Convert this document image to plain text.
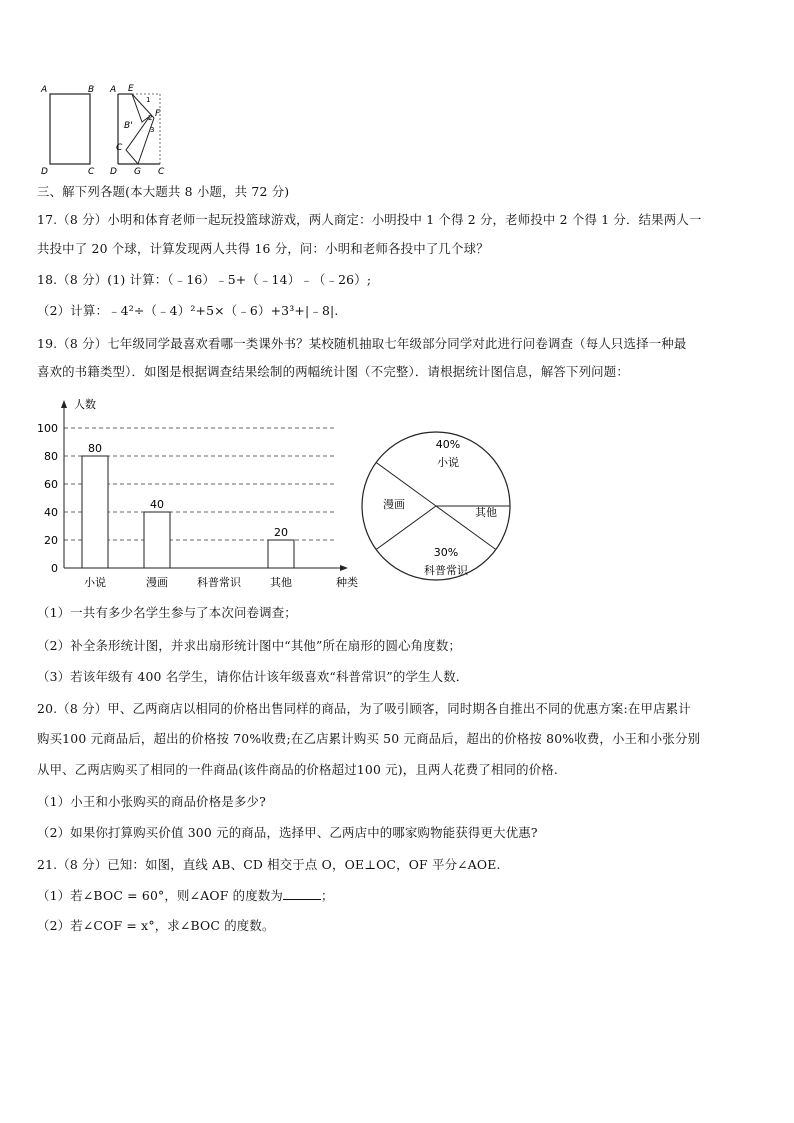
A	B
D	C
A E
B'
F
C
D G C
1
2
3
三、解下列各题(本大题共 8 小题，共 72 分)
17.（8 分）小明和体育老师一起玩投篮球游戏，两人商定：小明投中 1 个得 2 分，老师投中 2 个得 1 分．结果两人一
共投中了 20 个球，计算发现两人共得 16 分，问：小明和老师各投中了几个球？
18.（8 分）(1) 计算：（﹣16）﹣5+（﹣14）﹣（﹣26）;
（2）计算：﹣4²÷（﹣4）²+5×（﹣6）+3³+|﹣8|.
19.（8 分）七年级同学最喜欢看哪一类课外书？某校随机抽取七年级部分同学对此进行问卷调查（每人只选择一种最
喜欢的书籍类型）．如图是根据调查结果绘制的两幅统计图（不完整）．请根据统计图信息，解答下列问题：
0
20
40
60
80
100
人数
种类
80
小说
40
漫画	科普常识
20
其他
40%
小说
其他
30%
科普常识
漫画
（1）一共有多少名学生参与了本次问卷调查；
（2）补全条形统计图，并求出扇形统计图中“其他”所在扇形的圆心角度数；
（3）若该年级有 400 名学生，请你估计该年级喜欢“科普常识”的学生人数．
20.（8 分）甲、乙两商店以相同的价格出售同样的商品，为了吸引顾客，同时期各自推出不同的优惠方案:在甲店累计
购买100 元商品后，超出的价格按 70%收费;在乙店累计购买 50 元商品后，超出的价格按 80%收费，小王和小张分别
从甲、乙两店购买了相同的一件商品(该件商品的价格超过100 元)，且两人花费了相同的价格.
（1）小王和小张购买的商品价格是多少?
（2）如果你打算购买价值 300 元的商品，选择甲、乙两店中的哪家购物能获得更大优惠?
21.（8 分）已知：如图，直线 AB、CD 相交于点 O，OE⊥OC，OF 平分∠AOE.
（1）若∠BOC = 60°，则∠AOF 的度数为	；
（2）若∠COF = x°，求∠BOC 的度数。
